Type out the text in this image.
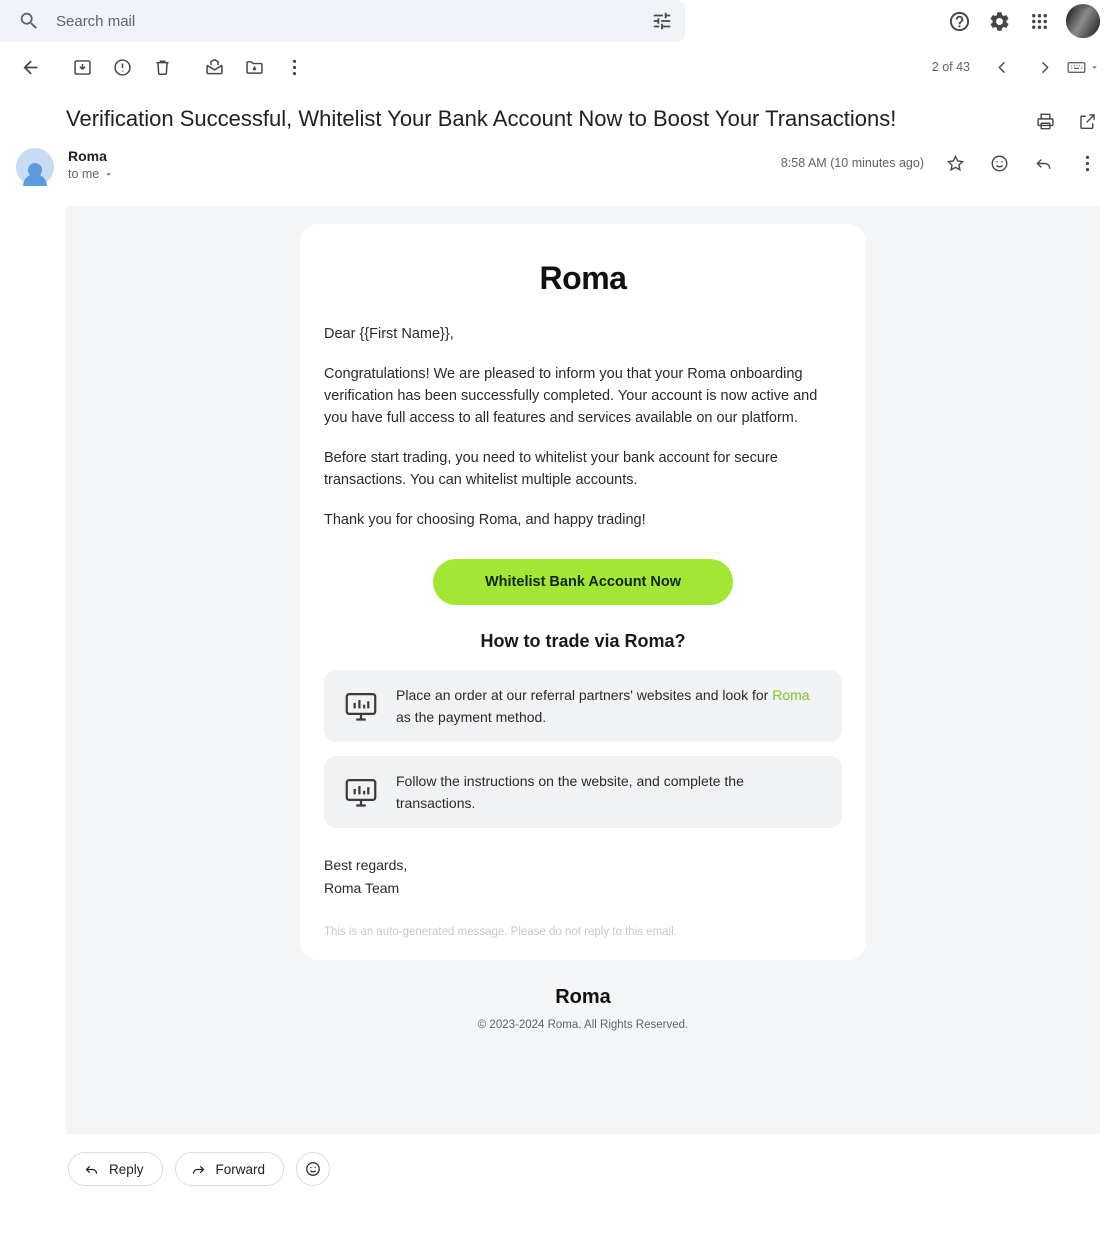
Search mail
2 of 43
Verification Successful, Whitelist Your Bank Account Now to Boost Your Transactions!
Roma
to me
8:58 AM (10 minutes ago)
Roma

Dear {{First Name}},

Congratulations! We are pleased to inform you that your Roma onboarding verification has been successfully completed. Your account is now active and you have full access to all features and services available on our platform.

Before start trading, you need to whitelist your bank account for secure transactions. You can whitelist multiple accounts.

Thank you for choosing Roma, and happy trading!

Whitelist Bank Account Now
How to trade via Roma?
Place an order at our referral partners' websites and look for Roma as the payment method.
Follow the instructions on the website, and complete the transactions.
Best regards,
Roma Team
This is an auto-generated message. Please do not reply to this email.
Roma
© 2023-2024 Roma. All Rights Reserved.
Reply	Forward
